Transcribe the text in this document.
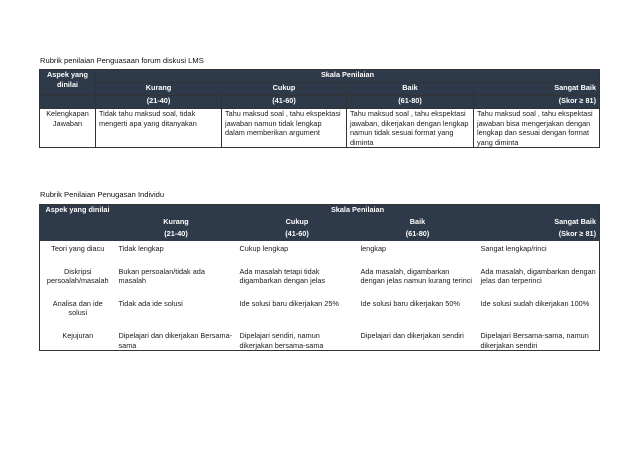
Rubrik penilaian Penguasaan forum diskusi LMS
Aspek yang dinilai	Skala Penilaian			
	Kurang	Cukup	Baik	Sangat Baik
	(21-40)	(41-60)	(61-80)	(Skor ≥ 81)
Kelengkapan Jawaban	Tidak tahu maksud soal, tidak mengerti apa yang ditanyakan	Tahu maksud soal , tahu ekspektasi jawaban namun tidak lengkap dalam memberikan argument	Tahu maksud soal , tahu ekspektasi jawaban, dikerjakan dengan lengkap namun tidak sesuai format yang diminta	Tahu maksud soal , tahu ekspektasi jawaban bisa mengerjakan dengan lengkap dan sesuai dengan format yang diminta
Rubrik Penilaian Penugasan Individu
Aspek yang dinilai	Skala Penilaian			
	Kurang	Cukup	Baik	Sangat Baik
	(21-40)	(41-60)	(61-80)	(Skor ≥ 81)
Teori yang diacu	Tidak lengkap	Cukup lengkap	lengkap	Sangat lengkap/rinci
Diskripsi persoalah/masalah	Bukan persoalan/tidak ada masalah	Ada masalah tetapi tidak digambarkan dengan jelas	Ada masalah, digambarkan dengan jelas namun kurang terinci	Ada masalah, digambarkan dengan jelas dan terperinci
Analisa dan ide solusi	Tidak ada ide solusi	Ide solusi baru dikerjakan 25%	Ide solusi baru dikerjakan 50%	Ide solusi sudah dikerjakan 100%
Kejujuran	Dipelajari dan dikerjakan Bersama-sama	Dipelajari sendiri, namun dikerjakan bersama-sama	Dipelajari dan dikerjakan sendiri	Dipelajari Bersama-sama, namun dikerjakan sendiri
